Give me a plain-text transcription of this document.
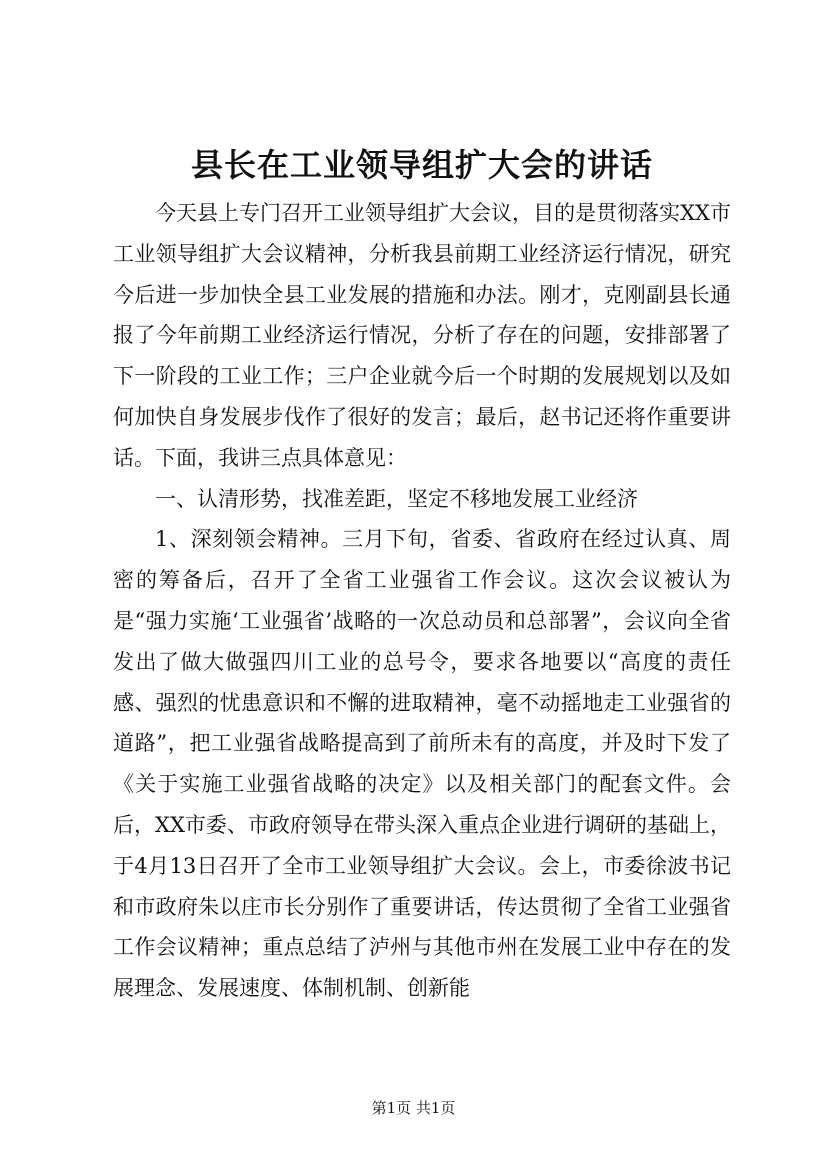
县长在工业领导组扩大会的讲话

今天县上专门召开工业领导组扩大会议，目的是贯彻落实XX市工业领导组扩大会议精神，分析我县前期工业经济运行情况，研究今后进一步加快全县工业发展的措施和办法。刚才，克刚副县长通报了今年前期工业经济运行情况，分析了存在的问题，安排部署了下一阶段的工业工作；三户企业就今后一个时期的发展规划以及如何加快自身发展步伐作了很好的发言；最后，赵书记还将作重要讲话。下面，我讲三点具体意见：

一、认清形势，找准差距，坚定不移地发展工业经济

1、深刻领会精神。三月下旬，省委、省政府在经过认真、周密的筹备后，召开了全省工业强省工作会议。这次会议被认为是“强力实施‘工业强省’战略的一次总动员和总部署”，会议向全省发出了做大做强四川工业的总号令，要求各地要以“高度的责任感、强烈的忧患意识和不懈的进取精神，毫不动摇地走工业强省的道路”，把工业强省战略提高到了前所未有的高度，并及时下发了《关于实施工业强省战略的决定》以及相关部门的配套文件。会后，XX市委、市政府领导在带头深入重点企业进行调研的基础上，于4月13日召开了全市工业领导组扩大会议。会上，市委徐波书记和市政府朱以庄市长分别作了重要讲话，传达贯彻了全省工业强省工作会议精神；重点总结了泸州与其他市州在发展工业中存在的发展理念、发展速度、体制机制、创新能

第1页 共1页
